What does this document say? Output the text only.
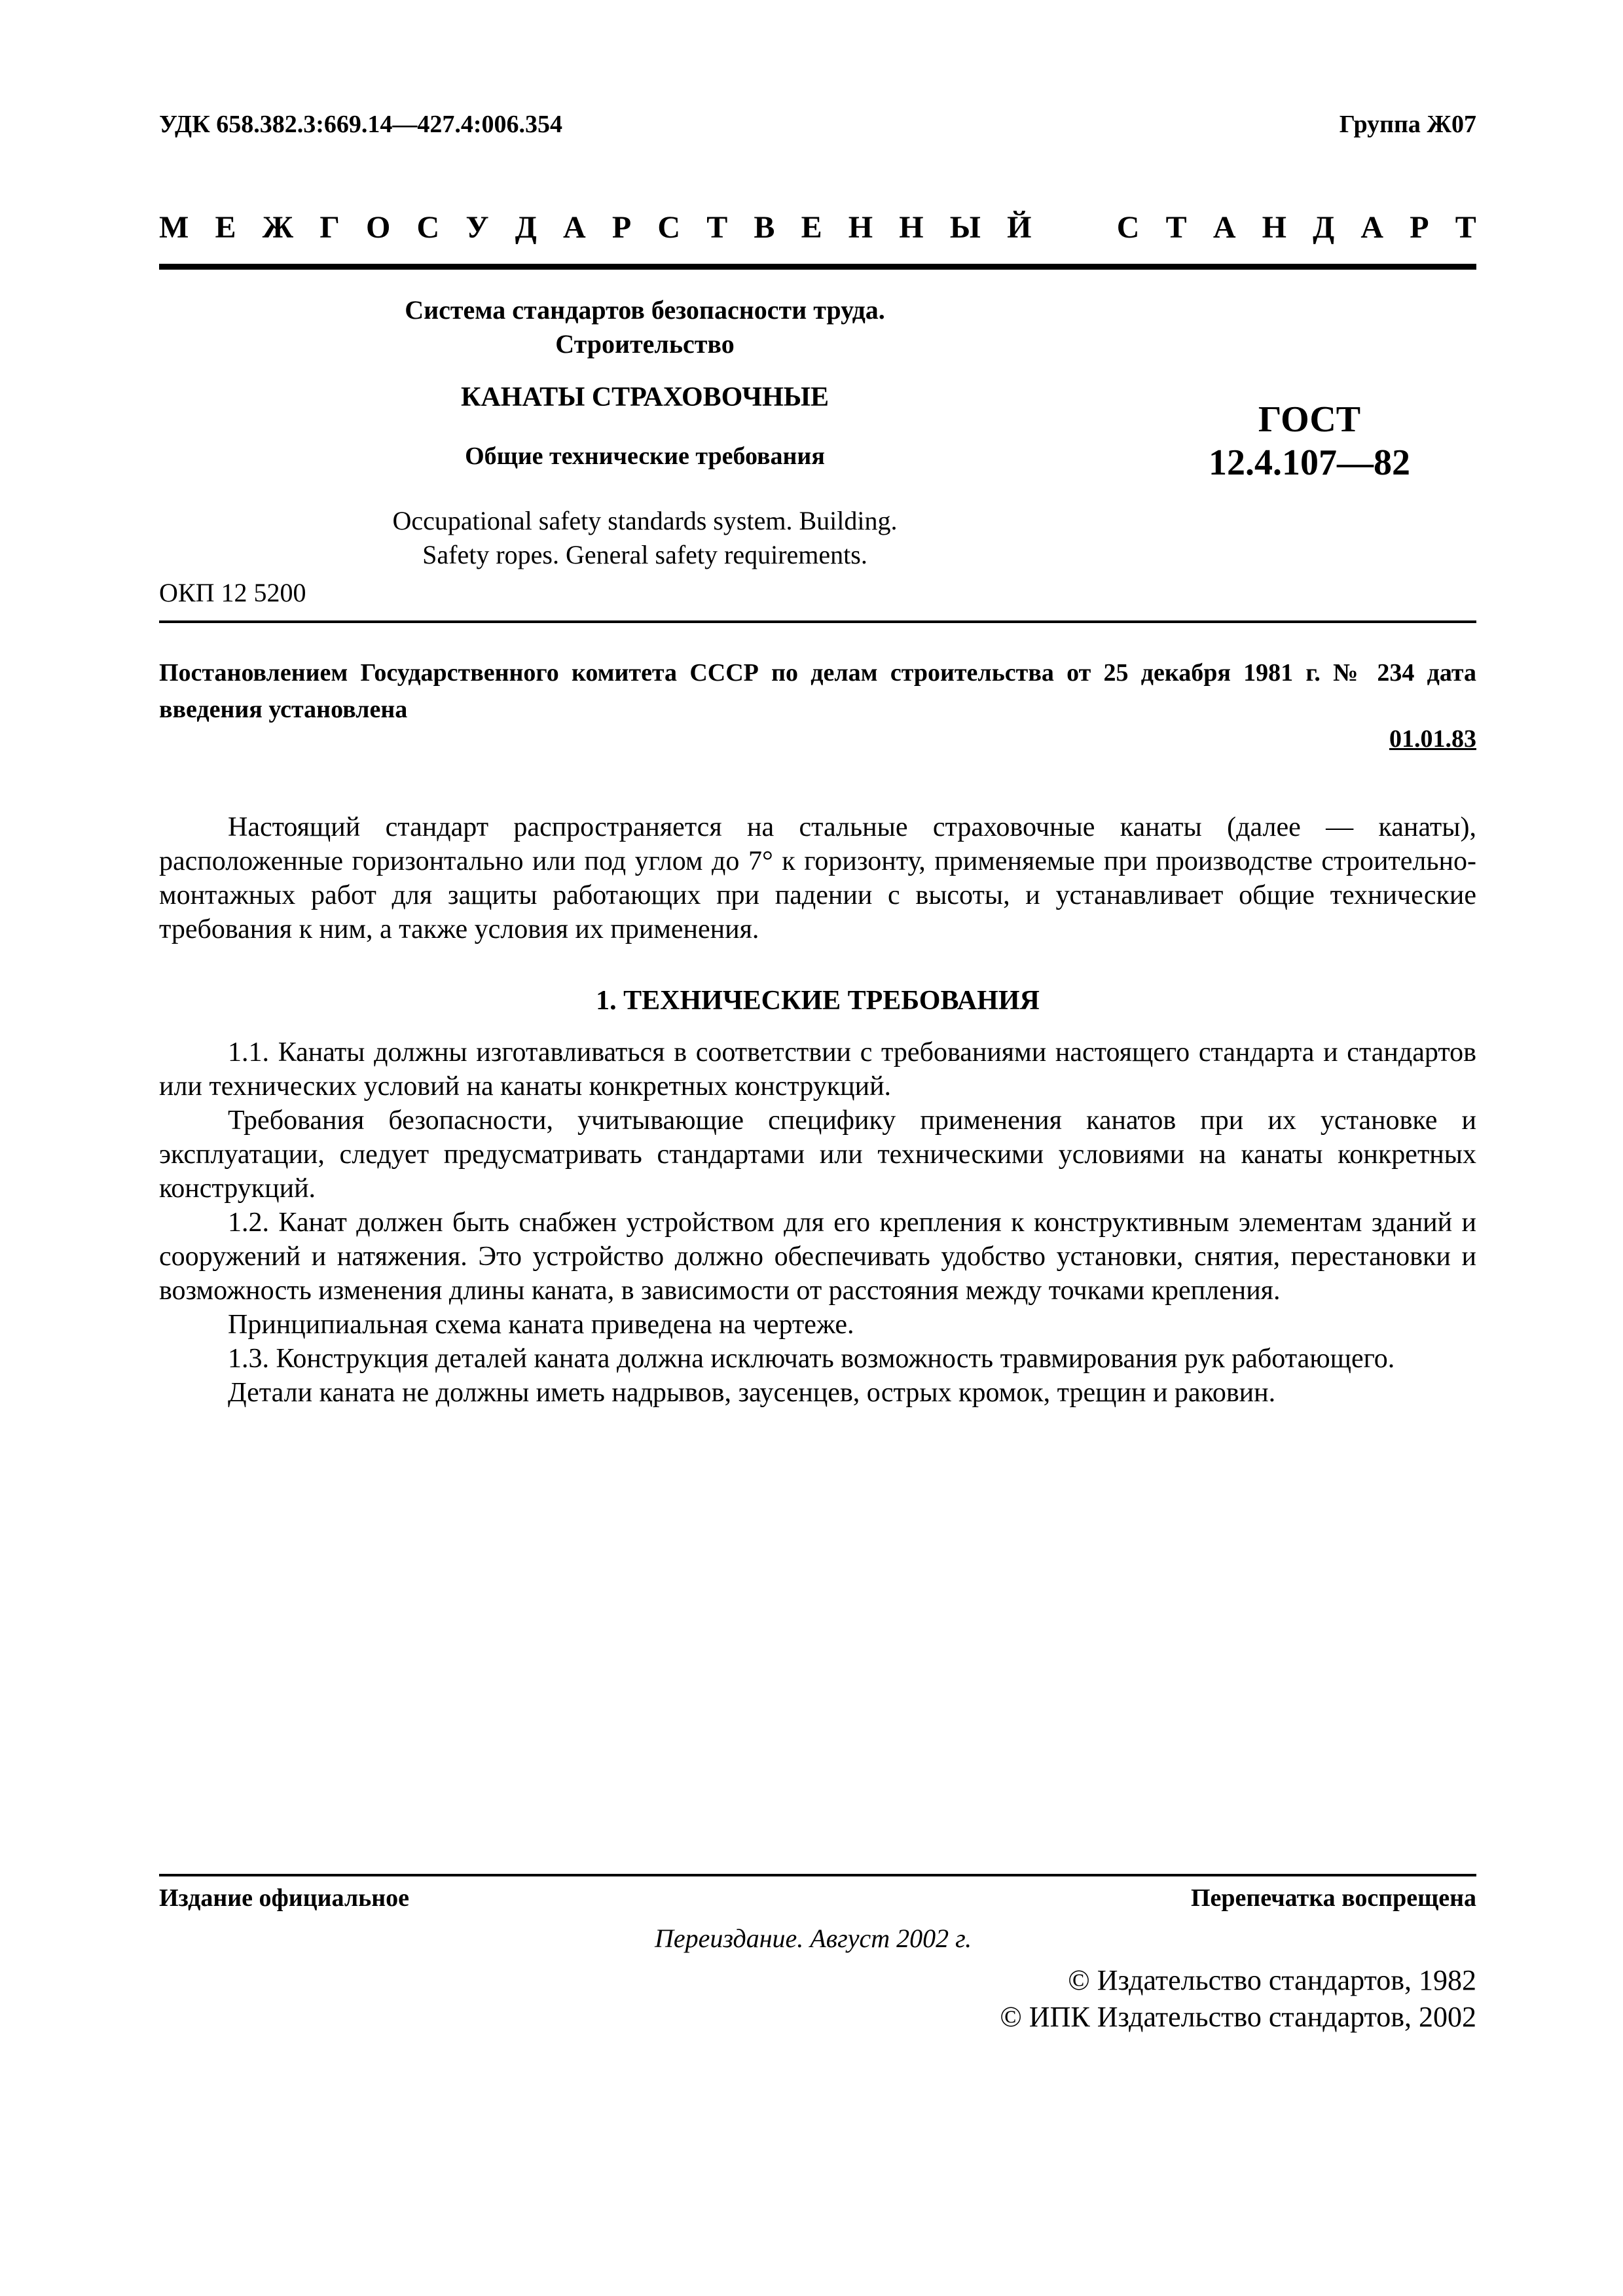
УДК 658.382.3:669.14—427.4:006.354	Группа Ж07
М Е Ж Г О С У Д А Р С Т В Е Н Н Ы Й	С Т А Н Д А Р Т
Система стандартов безопасности труда.
Строительство
КАНАТЫ СТРАХОВОЧНЫЕ
Общие технические требования
Occupational safety standards system. Building.
Safety ropes. General safety requirements.
ГОСТ
12.4.107—82
ОКП 12 5200
Постановлением Государственного комитета СССР по делам строительства от 25 декабря 1981 г. № 234 дата введения установлена
01.01.83

Настоящий стандарт распространяется на стальные страховочные канаты (далее — канаты), расположенные горизонтально или под углом до 7° к горизонту, применяемые при производстве строительно-монтажных работ для защиты работающих при падении с высоты, и устанавливает общие технические требования к ним, а также условия их применения.

1. ТЕХНИЧЕСКИЕ ТРЕБОВАНИЯ

1.1. Канаты должны изготавливаться в соответствии с требованиями настоящего стандарта и стандартов или технических условий на канаты конкретных конструкций.

Требования безопасности, учитывающие специфику применения канатов при их установке и эксплуатации, следует предусматривать стандартами или техническими условиями на канаты конкретных конструкций.

1.2. Канат должен быть снабжен устройством для его крепления к конструктивным элементам зданий и сооружений и натяжения. Это устройство должно обеспечивать удобство установки, снятия, перестановки и возможность изменения длины каната, в зависимости от расстояния между точками крепления.

Принципиальная схема каната приведена на чертеже.

1.3. Конструкция деталей каната должна исключать возможность травмирования рук работающего.

Детали каната не должны иметь надрывов, заусенцев, острых кромок, трещин и раковин.

Издание официальное	Перепечатка воспрещена
Переиздание. Август 2002 г.
© Издательство стандартов, 1982
© ИПК Издательство стандартов, 2002
